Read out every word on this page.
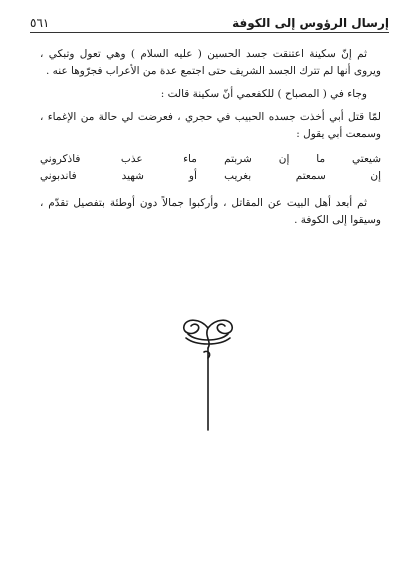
إرسال الرؤوس إلى الكوفة
٥٦١

ثم إنّ سكينة اعتنقت جسد الحسين ( عليه السلام ) وهي تعول وتبكي ، ويروى أنها لم تترك الجسد الشريف حتى اجتمع عدة من الأعراب فجرّوها عنه .

وجاء في ( المصباح ) للكفعمي أنّ سكينة قالت :

لمّا قتل أبي أخذت جسده الحبيب في حجري ، فعرضت لي حالة من الإغماء ، وسمعت أبي يقول :

شيعتي ما إن شربتم
ماء عذب فاذكروني
إن سمعتم بغريب
أو شهيد فاندبوني

ثم أبعد أهل البيت عن المقاتل ، وأركبوا جمالاً دون أوطئة بتفصيل تقدّم ، وسيقوا إلى الكوفة .
